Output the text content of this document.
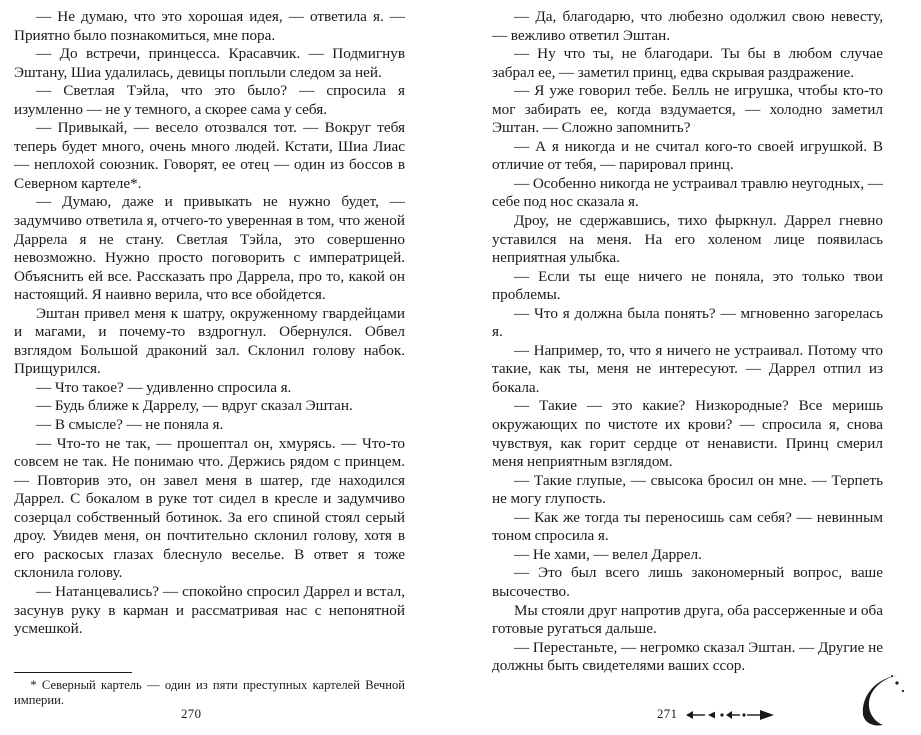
— Не думаю, что это хорошая идея, — ответила я. — Приятно было познакомиться, мне пора.

— До встречи, принцесса. Красавчик. — Подмигнув Эштану, Шиа удалилась, девицы поплыли следом за ней.

— Светлая Тэйла, что это было? — спросила я изумленно — не у темного, а скорее сама у себя.

— Привыкай, — весело отозвался тот. — Вокруг тебя теперь будет много, очень много людей. Кстати, Шиа Лиас — неплохой союзник. Говорят, ее отец — один из боссов в Северном картеле*.

— Думаю, даже и привыкать не нужно будет, — задумчиво ответила я, отчего-то уверенная в том, что женой Даррела я не стану. Светлая Тэйла, это совершенно невозможно. Нужно просто поговорить с императрицей. Объяснить ей все. Рассказать про Даррела, про то, какой он настоящий. Я наивно верила, что все обойдется.

Эштан привел меня к шатру, окруженному гвардейцами и магами, и почему-то вздрогнул. Обернулся. Обвел взглядом Большой драконий зал. Склонил голову набок. Прищурился.

— Что такое? — удивленно спросила я.

— Будь ближе к Даррелу, — вдруг сказал Эштан.

— В смысле? — не поняла я.

— Что-то не так, — прошептал он, хмурясь. — Что-то совсем не так. Не понимаю что. Держись рядом с принцем. — Повторив это, он завел меня в шатер, где находился Даррел. С бокалом в руке тот сидел в кресле и задумчиво созерцал собственный ботинок. За его спиной стоял серый дроу. Увидев меня, он почтительно склонил голову, хотя в его раскосых глазах блеснуло веселье. В ответ я тоже склонила голову.

— Натанцевались? — спокойно спросил Даррел и встал, засунув руку в карман и рассматривая нас с непонятной усмешкой.

* Северный картель — один из пяти преступных картелей Вечной империи.

270

— Да, благодарю, что любезно одолжил свою невесту, — вежливо ответил Эштан.

— Ну что ты, не благодари. Ты бы в любом случае забрал ее, — заметил принц, едва скрывая раздражение.

— Я уже говорил тебе. Белль не игрушка, чтобы кто-то мог забирать ее, когда вздумается, — холодно заметил Эштан. — Сложно запомнить?

— А я никогда и не считал кого-то своей игрушкой. В отличие от тебя, — парировал принц.

— Особенно никогда не устраивал травлю неугодных, — себе под нос сказала я.

Дроу, не сдержавшись, тихо фыркнул. Даррел гневно уставился на меня. На его холеном лице появилась неприятная улыбка.

— Если ты еще ничего не поняла, это только твои проблемы.

— Что я должна была понять? — мгновенно загорелась я.

— Например, то, что я ничего не устраивал. Потому что такие, как ты, меня не интересуют. — Даррел отпил из бокала.

— Такие — это какие? Низкородные? Все меришь окружающих по чистоте их крови? — спросила я, снова чувствуя, как горит сердце от ненависти. Принц смерил меня неприятным взглядом.

— Такие глупые, — свысока бросил он мне. — Терпеть не могу глупость.

— Как же тогда ты переносишь сам себя? — невинным тоном спросила я.

— Не хами, — велел Даррел.

— Это был всего лишь закономерный вопрос, ваше высочество.

Мы стояли друг напротив друга, оба рассерженные и оба готовые ругаться дальше.

— Перестаньте, — негромко сказал Эштан. — Другие не должны быть свидетелями ваших ссор.

271
